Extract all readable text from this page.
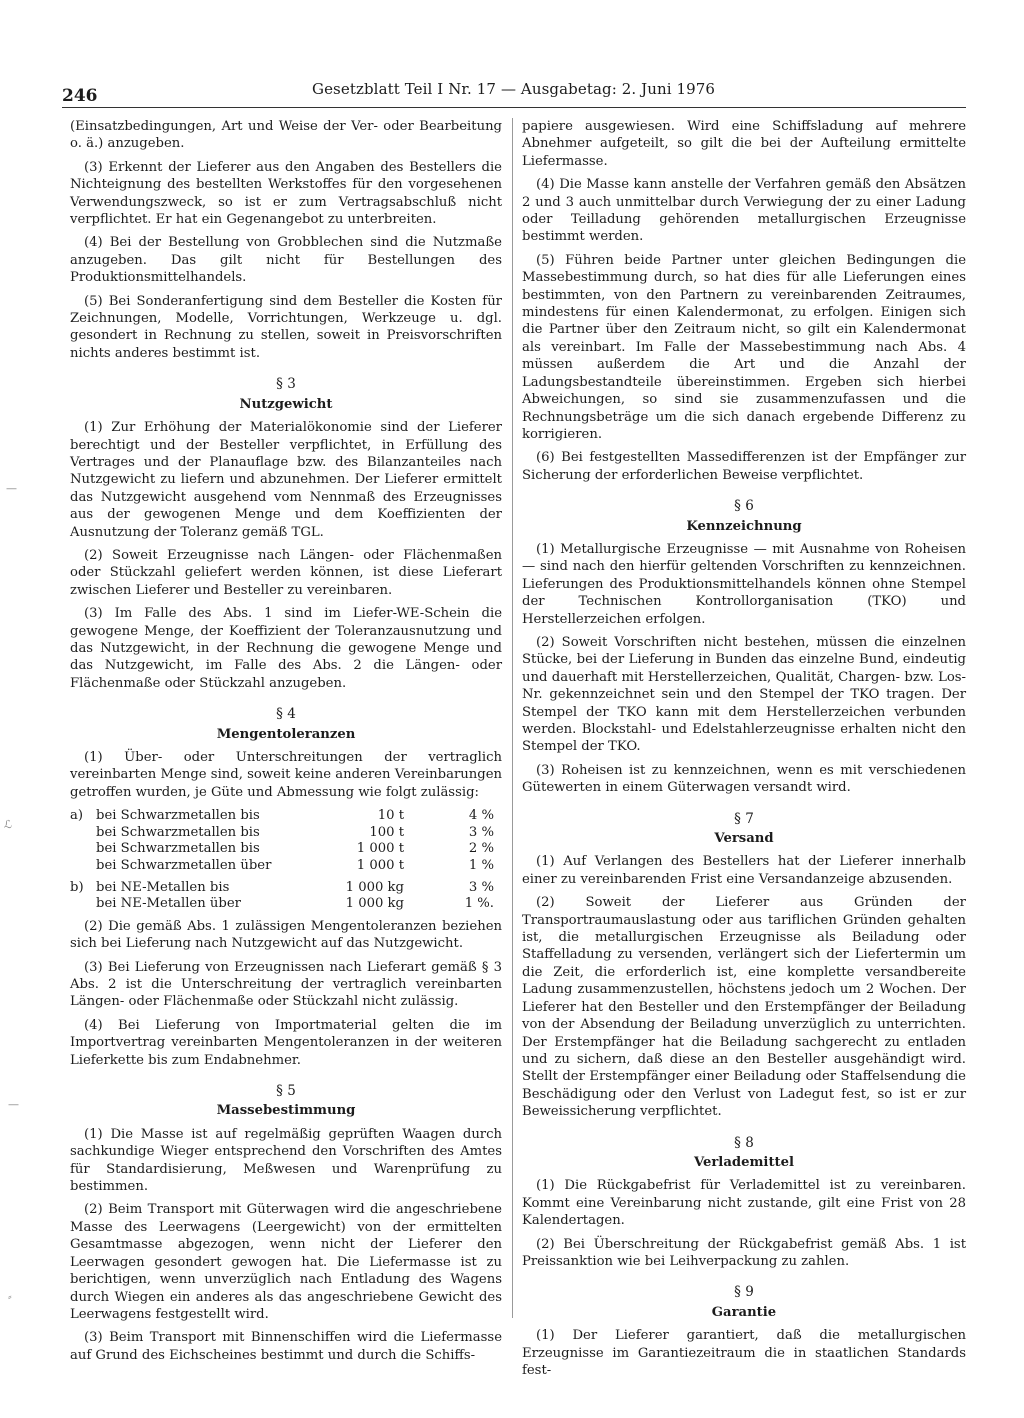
246	Gesetzblatt Teil I Nr. 17 — Ausgabetag: 2. Juni 1976
—
ℒ
—
⸗

(Einsatzbedingungen, Art und Weise der Ver- oder Bearbeitung o. ä.) anzugeben.

(3) Erkennt der Lieferer aus den Angaben des Bestellers die Nichteignung des bestellten Werkstoffes für den vorgesehenen Verwendungszweck, so ist er zum Vertragsabschluß nicht verpflichtet. Er hat ein Gegenangebot zu unterbreiten.

(4) Bei der Bestellung von Grobblechen sind die Nutzmaße anzugeben. Das gilt nicht für Bestellungen des Produktionsmittelhandels.

(5) Bei Sonderanfertigung sind dem Besteller die Kosten für Zeichnungen, Modelle, Vorrichtungen, Werkzeuge u. dgl. gesondert in Rechnung zu stellen, soweit in Preisvorschriften nichts anderes bestimmt ist.

§ 3
Nutzgewicht

(1) Zur Erhöhung der Materialökonomie sind der Lieferer berechtigt und der Besteller verpflichtet, in Erfüllung des Vertrages und der Planauflage bzw. des Bilanzanteiles nach Nutzgewicht zu liefern und abzunehmen. Der Lieferer ermittelt das Nutzgewicht ausgehend vom Nennmaß des Erzeugnisses aus der gewogenen Menge und dem Koeffizienten der Ausnutzung der Toleranz gemäß TGL.

(2) Soweit Erzeugnisse nach Längen- oder Flächenmaßen oder Stückzahl geliefert werden können, ist diese Lieferart zwischen Lieferer und Besteller zu vereinbaren.

(3) Im Falle des Abs. 1 sind im Liefer-WE-Schein die gewogene Menge, der Koeffizient der Toleranzausnutzung und das Nutzgewicht, in der Rechnung die gewogene Menge und das Nutzgewicht, im Falle des Abs. 2 die Längen- oder Flächenmaße oder Stückzahl anzugeben.

§ 4
Mengentoleranzen

(1) Über- oder Unterschreitungen der vertraglich vereinbarten Menge sind, soweit keine anderen Vereinbarungen getroffen wurden, je Güte und Abmessung wie folgt zulässig:

a) bei Schwarzmetallen bis	10 t	4 %
bei Schwarzmetallen bis	100 t	3 %
bei Schwarzmetallen bis	1 000 t	2 %
bei Schwarzmetallen über	1 000 t	1 %
b) bei NE-Metallen bis	1 000 kg	3 %
bei NE-Metallen über	1 000 kg	1 %.

(2) Die gemäß Abs. 1 zulässigen Mengentoleranzen beziehen sich bei Lieferung nach Nutzgewicht auf das Nutzgewicht.

(3) Bei Lieferung von Erzeugnissen nach Lieferart gemäß § 3 Abs. 2 ist die Unterschreitung der vertraglich vereinbarten Längen- oder Flächenmaße oder Stückzahl nicht zulässig.

(4) Bei Lieferung von Importmaterial gelten die im Importvertrag vereinbarten Mengentoleranzen in der weiteren Lieferkette bis zum Endabnehmer.

§ 5
Massebestimmung

(1) Die Masse ist auf regelmäßig geprüften Waagen durch sachkundige Wieger entsprechend den Vorschriften des Amtes für Standardisierung, Meßwesen und Warenprüfung zu bestimmen.

(2) Beim Transport mit Güterwagen wird die angeschriebene Masse des Leerwagens (Leergewicht) von der ermittelten Gesamtmasse abgezogen, wenn nicht der Lieferer den Leerwagen gesondert gewogen hat. Die Liefermasse ist zu berichtigen, wenn unverzüglich nach Entladung des Wagens durch Wiegen ein anderes als das angeschriebene Gewicht des Leerwagens festgestellt wird.

(3) Beim Transport mit Binnenschiffen wird die Liefermasse auf Grund des Eichscheines bestimmt und durch die Schiffs-

papiere ausgewiesen. Wird eine Schiffsladung auf mehrere Abnehmer aufgeteilt, so gilt die bei der Aufteilung ermittelte Liefermasse.

(4) Die Masse kann anstelle der Verfahren gemäß den Absätzen 2 und 3 auch unmittelbar durch Verwiegung der zu einer Ladung oder Teilladung gehörenden metallurgischen Erzeugnisse bestimmt werden.

(5) Führen beide Partner unter gleichen Bedingungen die Massebestimmung durch, so hat dies für alle Lieferungen eines bestimmten, von den Partnern zu vereinbarenden Zeitraumes, mindestens für einen Kalendermonat, zu erfolgen. Einigen sich die Partner über den Zeitraum nicht, so gilt ein Kalendermonat als vereinbart. Im Falle der Massebestimmung nach Abs. 4 müssen außerdem die Art und die Anzahl der Ladungsbestandteile übereinstimmen. Ergeben sich hierbei Abweichungen, so sind sie zusammenzufassen und die Rechnungsbeträge um die sich danach ergebende Differenz zu korrigieren.

(6) Bei festgestellten Massedifferenzen ist der Empfänger zur Sicherung der erforderlichen Beweise verpflichtet.

§ 6
Kennzeichnung

(1) Metallurgische Erzeugnisse — mit Ausnahme von Roheisen — sind nach den hierfür geltenden Vorschriften zu kennzeichnen. Lieferungen des Produktionsmittelhandels können ohne Stempel der Technischen Kontrollorganisation (TKO) und Herstellerzeichen erfolgen.

(2) Soweit Vorschriften nicht bestehen, müssen die einzelnen Stücke, bei der Lieferung in Bunden das einzelne Bund, eindeutig und dauerhaft mit Herstellerzeichen, Qualität, Chargen- bzw. Los-Nr. gekennzeichnet sein und den Stempel der TKO tragen. Der Stempel der TKO kann mit dem Herstellerzeichen verbunden werden. Blockstahl- und Edelstahlerzeugnisse erhalten nicht den Stempel der TKO.

(3) Roheisen ist zu kennzeichnen, wenn es mit verschiedenen Gütewerten in einem Güterwagen versandt wird.

§ 7
Versand

(1) Auf Verlangen des Bestellers hat der Lieferer innerhalb einer zu vereinbarenden Frist eine Versandanzeige abzusenden.

(2) Soweit der Lieferer aus Gründen der Transportraumauslastung oder aus tariflichen Gründen gehalten ist, die metallurgischen Erzeugnisse als Beiladung oder Staffelladung zu versenden, verlängert sich der Liefertermin um die Zeit, die erforderlich ist, eine komplette versandbereite Ladung zusammenzustellen, höchstens jedoch um 2 Wochen. Der Lieferer hat den Besteller und den Erstempfänger der Beiladung von der Absendung der Beiladung unverzüglich zu unterrichten. Der Erstempfänger hat die Beiladung sachgerecht zu entladen und zu sichern, daß diese an den Besteller ausgehändigt wird. Stellt der Erstempfänger einer Beiladung oder Staffelsendung die Beschädigung oder den Verlust von Ladegut fest, so ist er zur Beweissicherung verpflichtet.

§ 8
Verlademittel

(1) Die Rückgabefrist für Verlademittel ist zu vereinbaren. Kommt eine Vereinbarung nicht zustande, gilt eine Frist von 28 Kalendertagen.

(2) Bei Überschreitung der Rückgabefrist gemäß Abs. 1 ist Preissanktion wie bei Leihverpackung zu zahlen.

§ 9
Garantie

(1) Der Lieferer garantiert, daß die metallurgischen Erzeugnisse im Garantiezeitraum die in staatlichen Standards fest-
